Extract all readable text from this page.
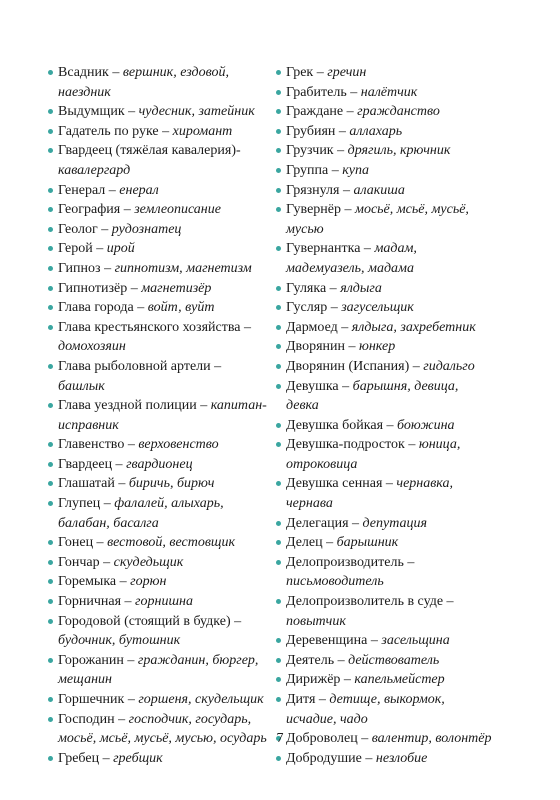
Всадник – вершник, ездовой, наездник
Выдумщик – чудесник, затейник
Гадатель по руке – хиромант
Гвардеец (тяжёлая кавалерия)- кавалергард
Генерал – енерал
География – землеописание
Геолог – рудознатец
Герой – ирой
Гипноз – гипнотизм, магнетизм
Гипнотизёр – магнетизёр
Глава города – войт, вуйт
Глава крестьянского хозяйства – домохозяин
Глава рыболовной артели – башлык
Глава уездной полиции – капитан-исправник
Главенство – верховенство
Гвардеец – гвардионец
Глашатай – биричь, бирюч
Глупец – фалалей, алыхарь, балабан, басалга
Гонец – вестовой, вестовщик
Гончар – скудедьщик
Горемыка – горюн
Горничная – горнишна
Городовой (стоящий в будке) – будочник, бутошник
Горожанин – гражданин, бюргер, мещанин
Горшечник – горшеня, скудельщик
Господин – господчик, государь, мосьё, мсьё, мусьё, мусью, осударь
Гребец – гребщик
Грек – гречин
Грабитель – налётчик
Граждане – гражданство
Грубиян – аллахарь
Грузчик – дрягиль, крючник
Группа – купа
Грязнуля – алакиша
Гувернёр – мосьё, мсьё, мусьё, мусью
Гувернантка – мадам, мадемуазель, мадама
Гуляка – ялдыга
Гусляр – загусельщик
Дармоед – ялдыга, захребетник
Дворянин – юнкер
Дворянин (Испания) – гидальго
Девушка – барышня, девица, девка
Девушка бойкая – боюжина
Девушка-подросток – юница, отроковица
Девушка сенная – чернавка, чернава
Делегация – депутация
Делец – барышник
Делопроизводитель – письмоводитель
Делопроизволитель в суде – повытчик
Деревенщина – засельщина
Деятель – действователь
Дирижёр – капельмейстер
Дитя – детище, выкормок, исчадие, чадо
Доброволец – валентир, волонтёр
Добродушие – незлобие
7
